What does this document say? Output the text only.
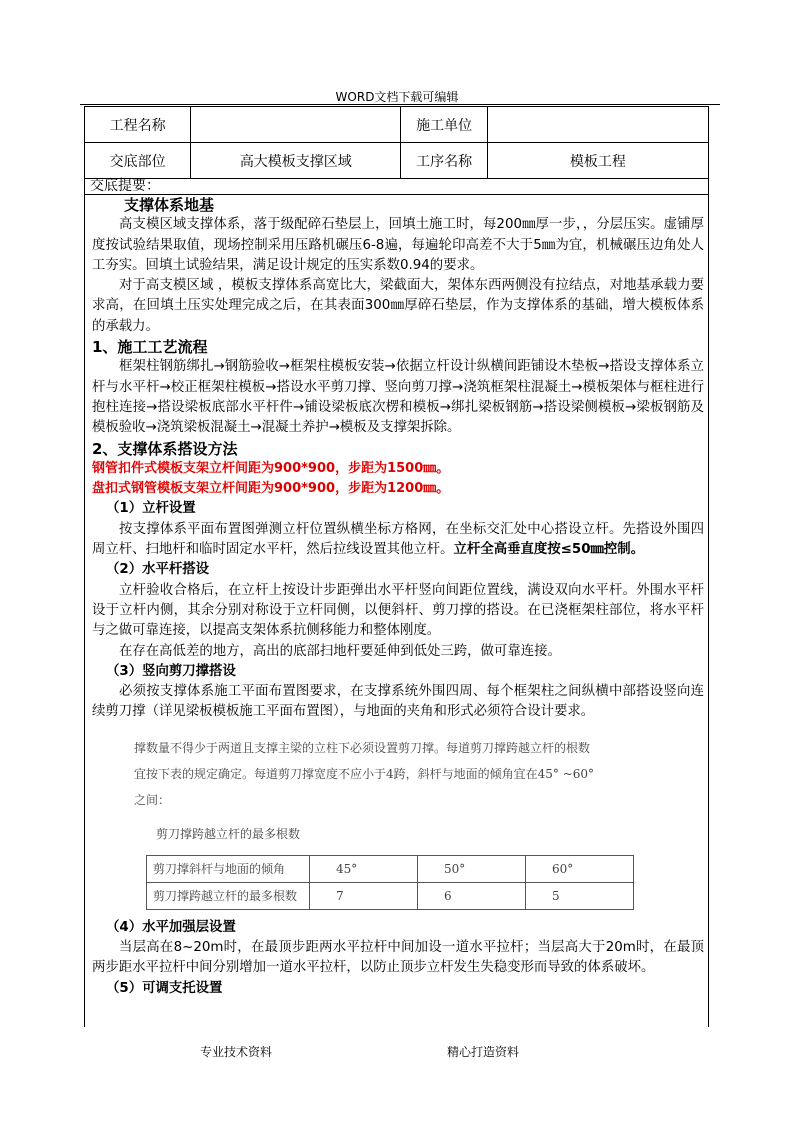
WORD文档下载可编辑
工程名称		施工单位	
交底部位	高大模板支撑区域	工序名称	模板工程
交底提要：

支撑体系地基

高支模区域支撑体系，落于级配碎石垫层上，回填土施工时，每200㎜厚一步，，分层压实。虚铺厚度按试验结果取值，现场控制采用压路机碾压6-8遍，每遍轮印高差不大于5㎜为宜，机械碾压边角处人工夯实。回填土试验结果，满足设计规定的压实系数0.94的要求。

对于高支模区域 ，模板支撑体系高宽比大，梁截面大，架体东西两侧没有拉结点，对地基承载力要求高，在回填土压实处理完成之后，在其表面300㎜厚碎石垫层，作为支撑体系的基础，增大模板体系的承载力。

1、施工工艺流程

框架柱钢筋绑扎→钢筋验收→框架柱模板安装→依据立杆设计纵横间距铺设木垫板→搭设支撑体系立杆与水平杆→校正框架柱模板→搭设水平剪刀撑、竖向剪刀撑→浇筑框架柱混凝土→模板架体与框柱进行抱柱连接→搭设梁板底部水平杆件→铺设梁板底次楞和模板→绑扎梁板钢筋→搭设梁侧模板→梁板钢筋及模板验收→浇筑梁板混凝土→混凝土养护→模板及支撑架拆除。

2、支撑体系搭设方法

钢管扣件式模板支架立杆间距为900*900，步距为1500㎜。

盘扣式钢管模板支架立杆间距为900*900，步距为1200㎜。

（1）立杆设置

按支撑体系平面布置图弹测立杆位置纵横坐标方格网，在坐标交汇处中心搭设立杆。先搭设外围四周立杆、扫地杆和临时固定水平杆，然后拉线设置其他立杆。立杆全高垂直度按≤50㎜控制。

（2）水平杆搭设

立杆验收合格后，在立杆上按设计步距弹出水平杆竖向间距位置线，满设双向水平杆。外围水平杆设于立杆内侧，其余分别对称设于立杆同侧，以便斜杆、剪刀撑的搭设。在已浇框架柱部位，将水平杆与之做可靠连接，以提高支架体系抗侧移能力和整体刚度。

在存在高低差的地方，高出的底部扫地杆要延伸到低处三跨，做可靠连接。

（3）竖向剪刀撑搭设

必须按支撑体系施工平面布置图要求，在支撑系统外围四周、每个框架柱之间纵横中部搭设竖向连续剪刀撑（详见梁板模板施工平面布置图），与地面的夹角和形式必须符合设计要求。

撑数量不得少于两道且支撑主梁的立柱下必须设置剪刀撑。每道剪刀撑跨越立杆的根数

宜按下表的规定确定。每道剪刀撑宽度不应小于4跨，斜杆与地面的倾角宜在45° ~60°

之间：

剪刀撑跨越立杆的最多根数

剪刀撑斜杆与地面的倾角	45°	50°	60°
剪刀撑跨越立杆的最多根数	7	6	5

（4）水平加强层设置

当层高在8~20m时，在最顶步距两水平拉杆中间加设一道水平拉杆；当层高大于20m时，在最顶两步距水平拉杆中间分别增加一道水平拉杆，以防止顶步立杆发生失稳变形而导致的体系破坏。

（5）可调支托设置

专业技术资料	精心打造资料
